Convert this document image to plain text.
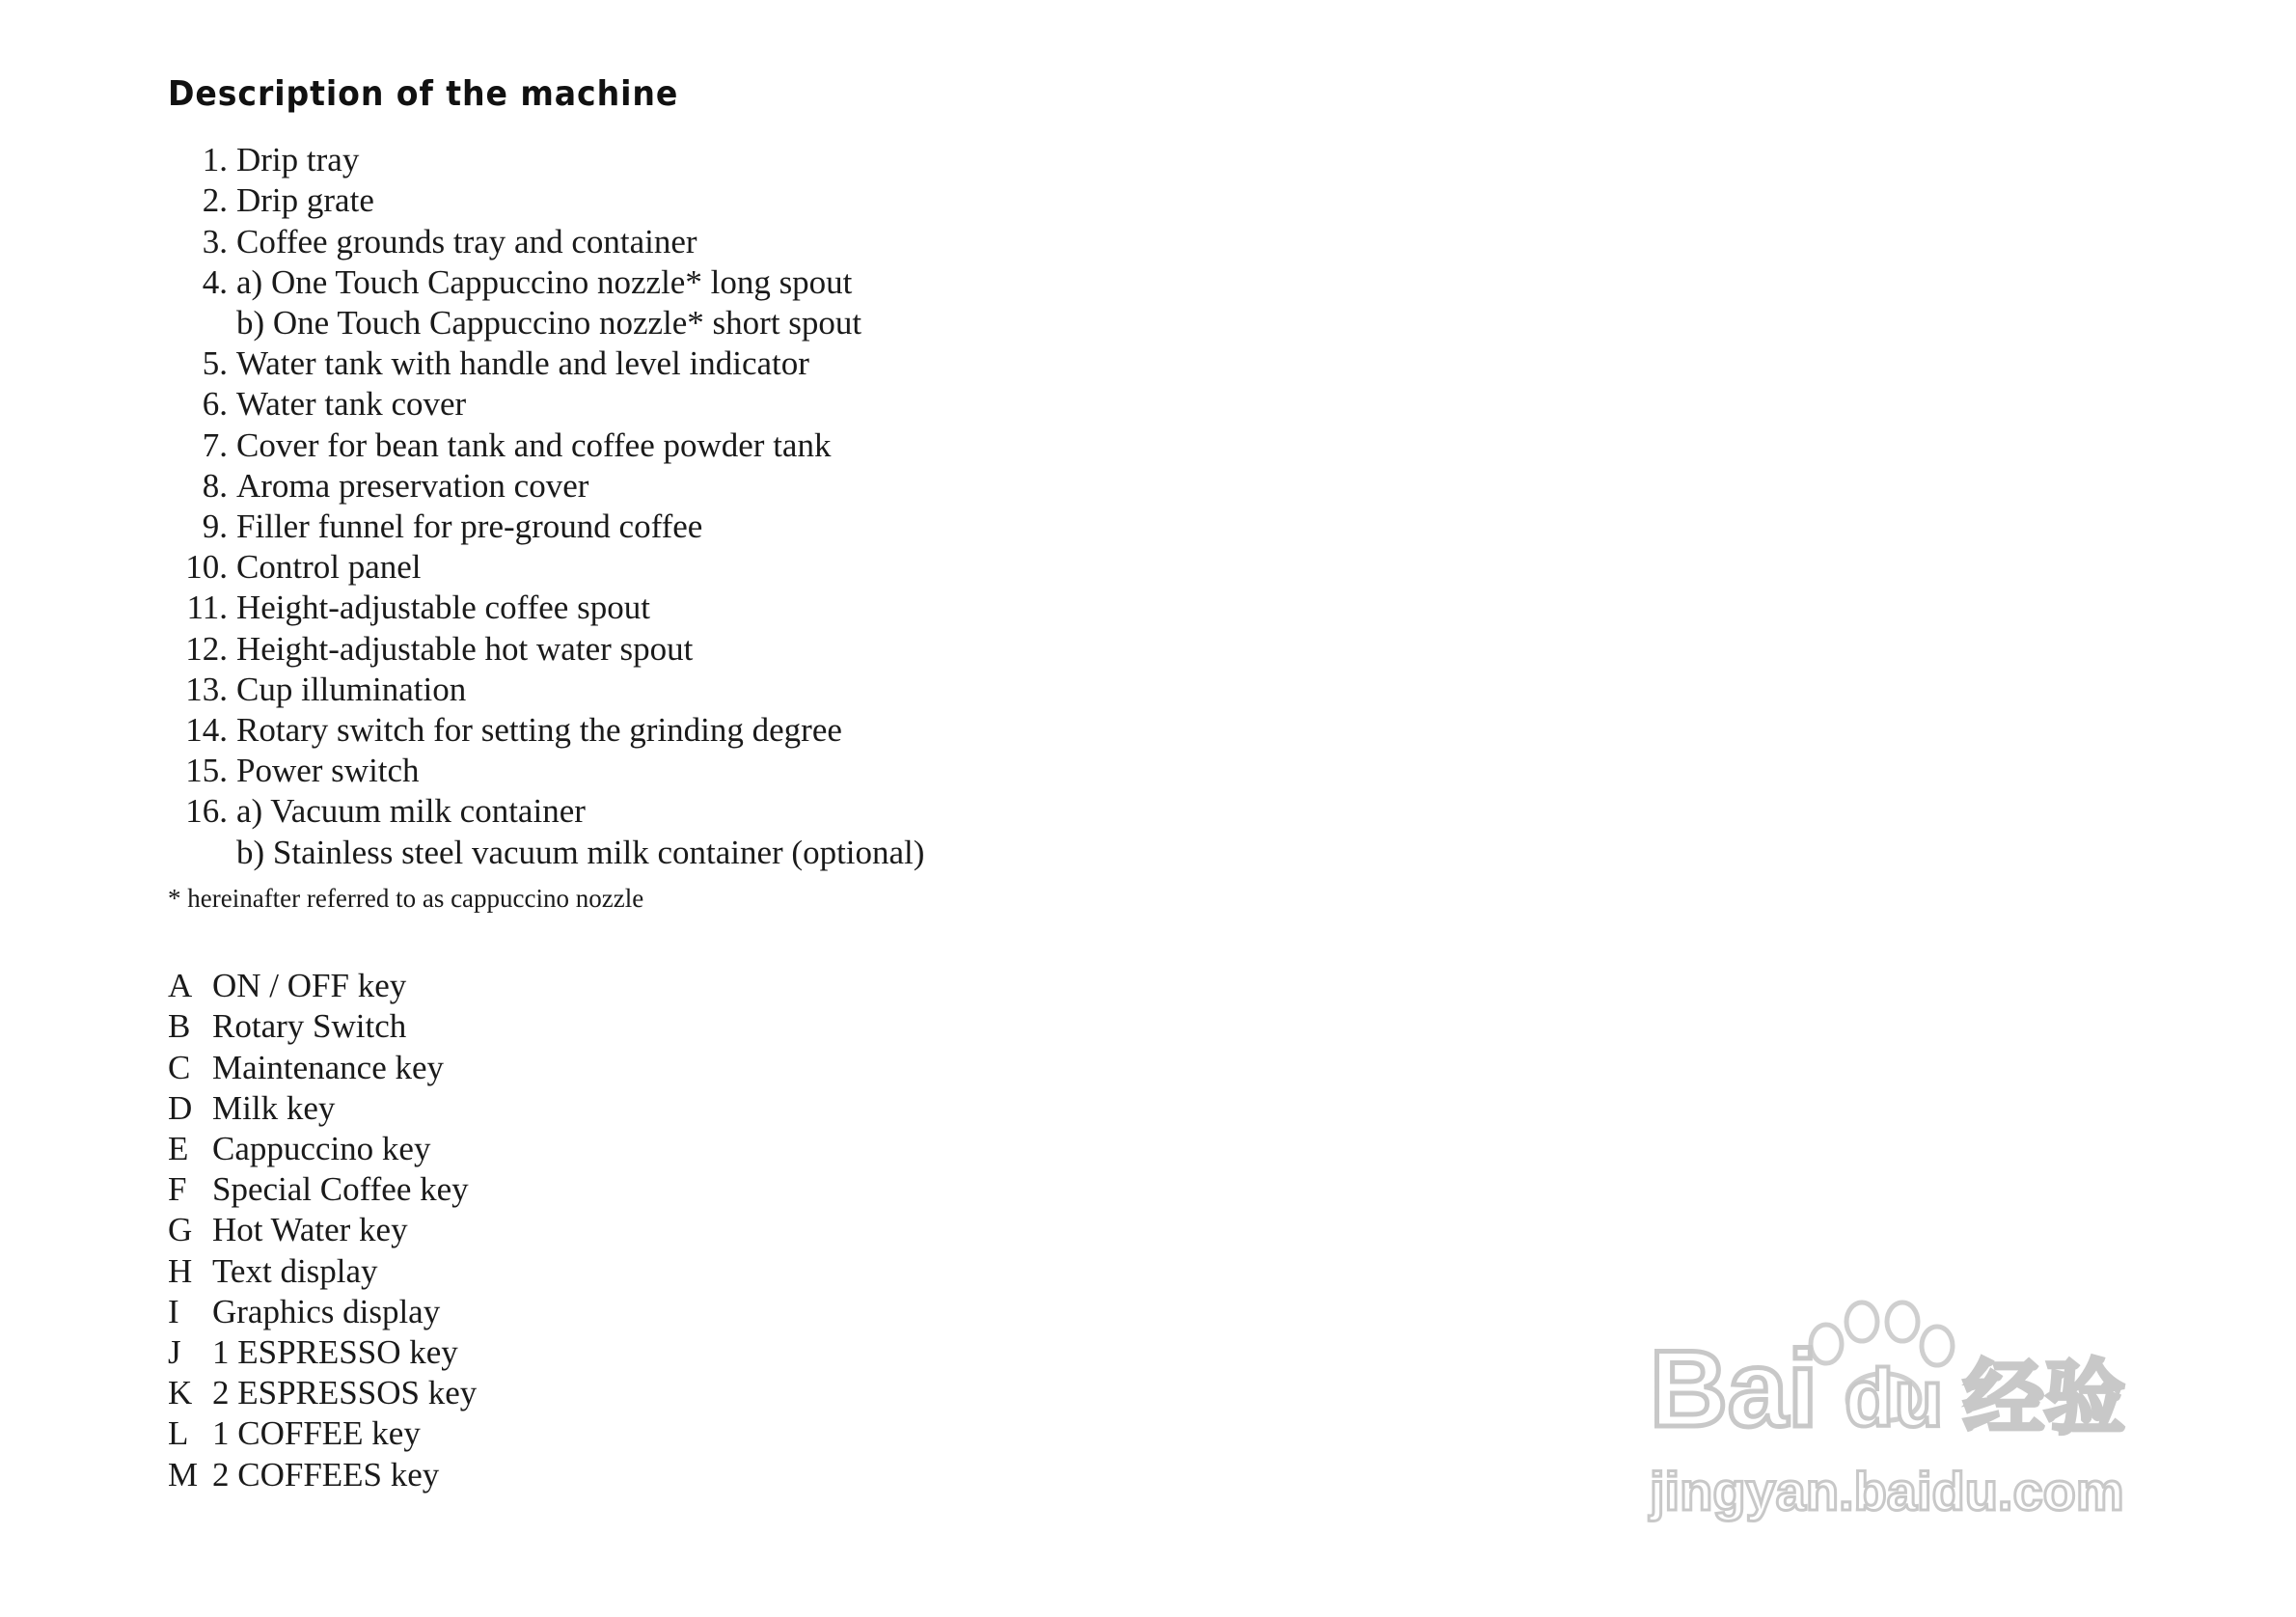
Description of the machine
1. Drip tray
2. Drip grate
3. Coffee grounds tray and container
4. a) One Touch Cappuccino nozzle* long spout
b) One Touch Cappuccino nozzle* short spout
5. Water tank with handle and level indicator
6. Water tank cover
7. Cover for bean tank and coffee powder tank
8. Aroma preservation cover
9. Filler funnel for pre-ground coffee
10. Control panel
11. Height-adjustable coffee spout
12. Height-adjustable hot water spout
13. Cup illumination
14. Rotary switch for setting the grinding degree
15. Power switch
16. a) Vacuum milk container
b) Stainless steel vacuum milk container (optional)

* hereinafter referred to as cappuccino nozzle

A ON / OFF key
B Rotary Switch
C Maintenance key
D Milk key
E Cappuccino key
F Special Coffee key
G Hot Water key
H Text display
I Graphics display
J 1 ESPRESSO key
K 2 ESPRESSOS key
L 1 COFFEE key
M 2 COFFEES key
Bai du 经验
jingyan.baidu.com
